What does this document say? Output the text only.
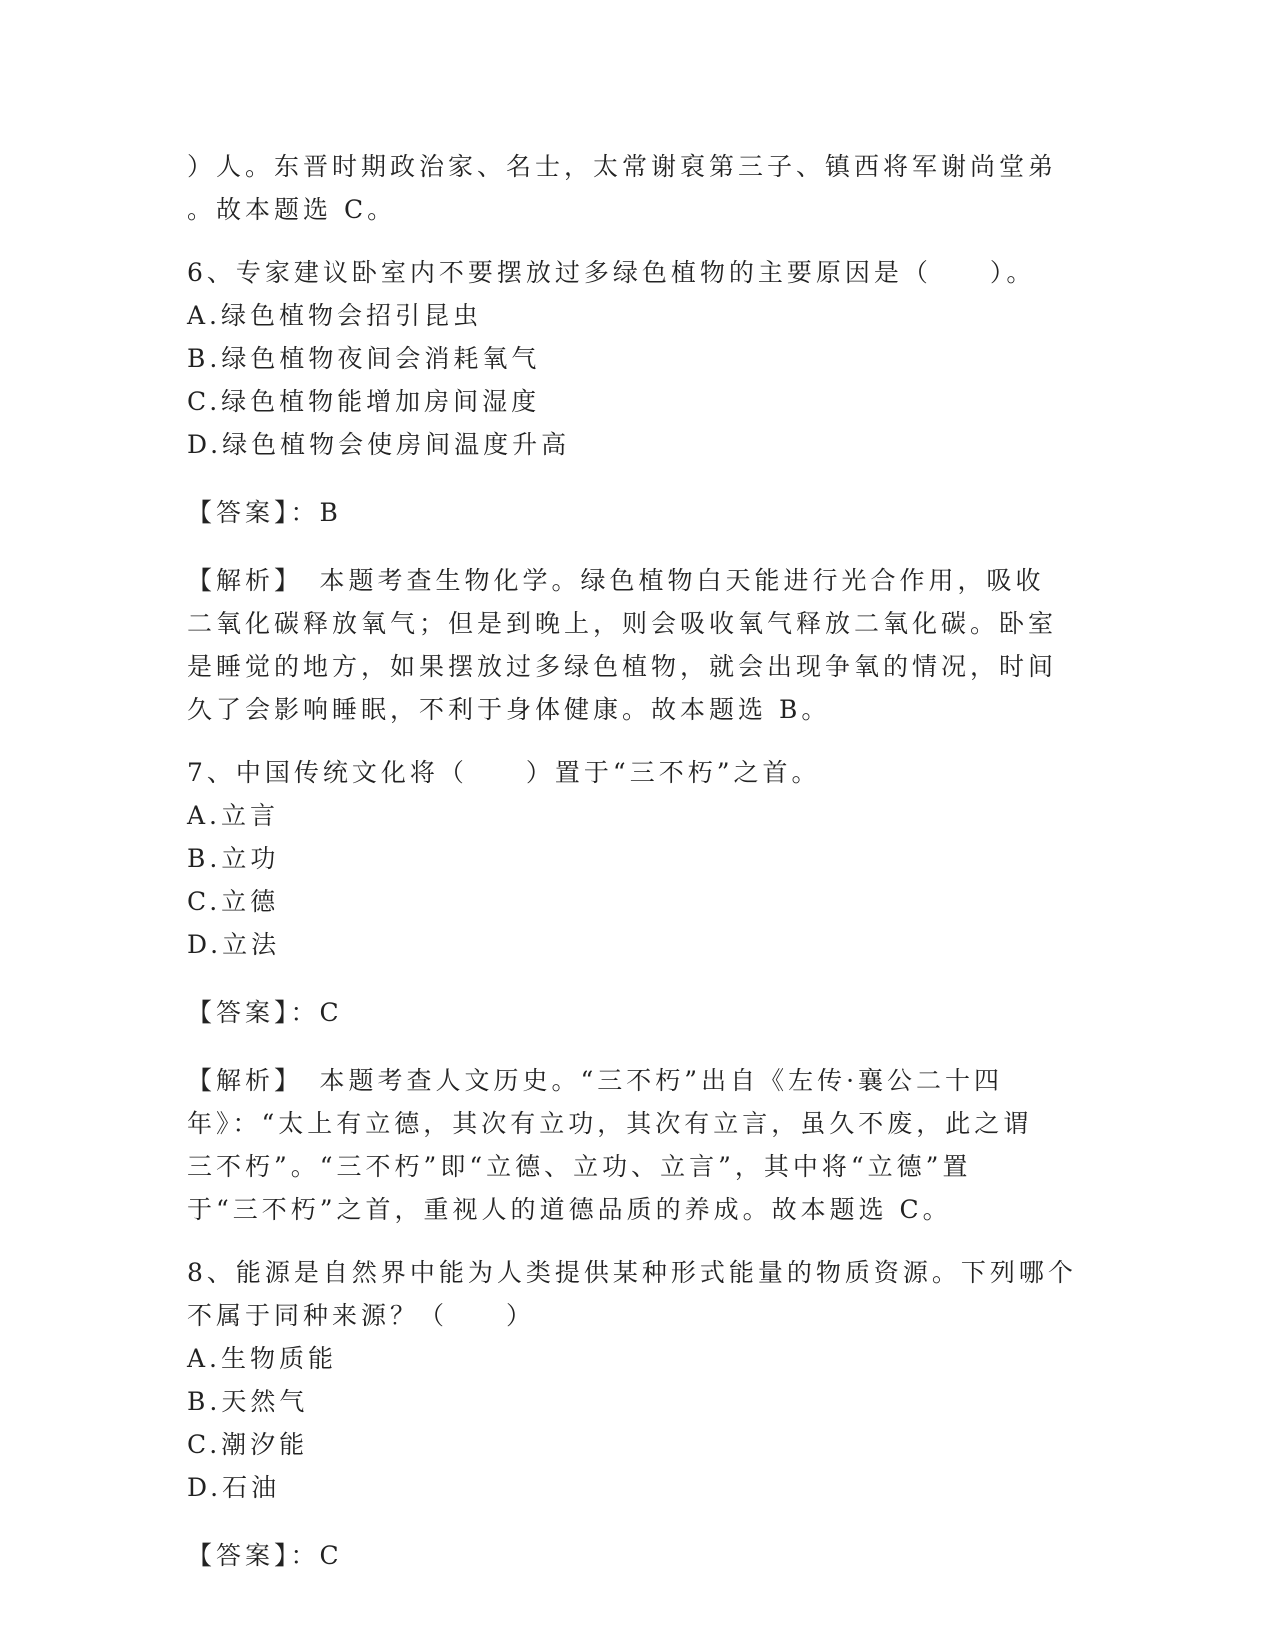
）人。东晋时期政治家、名士，太常谢裒第三子、镇西将军谢尚堂弟

。故本题选 C。

6、专家建议卧室内不要摆放过多绿色植物的主要原因是（　　）。

A.绿色植物会招引昆虫

B.绿色植物夜间会消耗氧气

C.绿色植物能增加房间湿度

D.绿色植物会使房间温度升高

【答案】：B

【解析】　本题考查生物化学。绿色植物白天能进行光合作用，吸收

二氧化碳释放氧气；但是到晚上，则会吸收氧气释放二氧化碳。卧室

是睡觉的地方，如果摆放过多绿色植物，就会出现争氧的情况，时间

久了会影响睡眠，不利于身体健康。故本题选 B。

7、中国传统文化将（　　）置于“三不朽”之首。

A.立言

B.立功

C.立德

D.立法

【答案】：C

【解析】　本题考查人文历史。“三不朽”出自《左传·襄公二十四

年》：“太上有立德，其次有立功，其次有立言，虽久不废，此之谓

三不朽”。“三不朽”即“立德、立功、立言”，其中将“立德”置

于“三不朽”之首，重视人的道德品质的养成。故本题选 C。

8、能源是自然界中能为人类提供某种形式能量的物质资源。下列哪个

不属于同种来源？（　　）

A.生物质能

B.天然气

C.潮汐能

D.石油

【答案】：C
